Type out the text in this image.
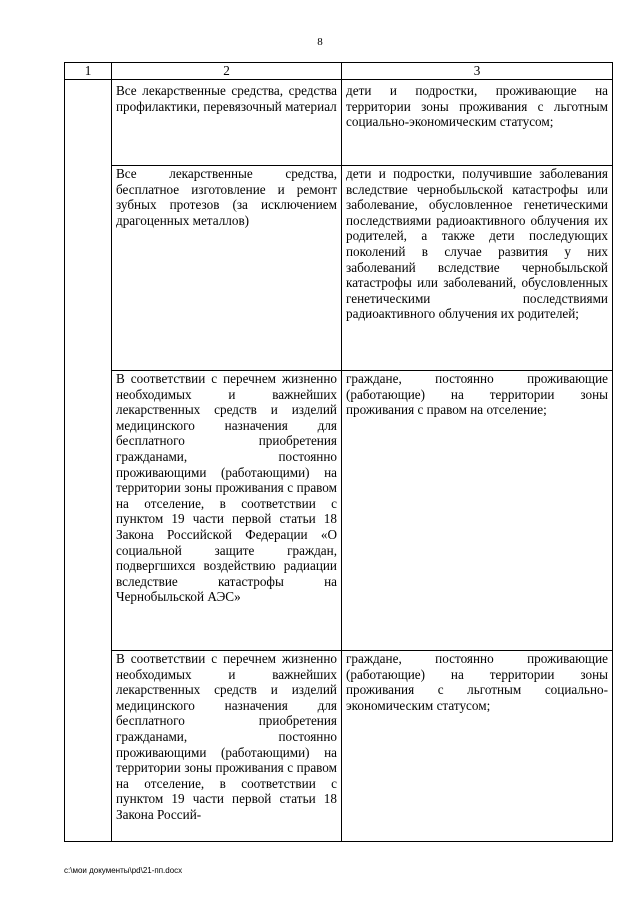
8
1	2	3

	Все лекарственные средства, средства профилактики, перевязочный материал	дети и подростки, проживающие на территории зоны проживания с льготным социально-экономическим статусом;

	Все лекарственные средства, бесплатное изготовление и ремонт зубных протезов (за исключением драгоценных металлов)	дети и подростки, получившие заболевания вследствие чернобыльской катастрофы или заболевание, обусловленное генетическими последствиями радиоактивного облучения их родителей, а также дети последующих поколений в случае развития у них заболеваний вследствие чернобыльской катастрофы или заболеваний, обусловленных генетическими последствиями радиоактивного облучения их родителей;

	В соответствии с перечнем жизненно необходимых и важнейших лекарственных средств и изделий медицинского назначения для бесплатного приобретения гражданами, постоянно проживающими (работающими) на территории зоны проживания с правом на отселение, в соответствии с пунктом 19 части первой статьи 18 Закона Российской Федерации «О социальной защите граждан, подвергшихся воздействию радиации вследствие катастрофы на Чернобыльской АЭС»	граждане, постоянно проживающие (работающие) на территории зоны проживания с правом на отселение;

	В соответствии с перечнем жизненно необходимых и важнейших лекарственных средств и изделий медицинского назначения для бесплатного приобретения гражданами, постоянно проживающими (работающими) на территории зоны проживания с правом на отселение, в соответствии с пунктом 19 части первой статьи 18 Закона Россий-	граждане, постоянно проживающие (работающие) на территории зоны проживания с льготным социально-экономическим статусом;

c:\мои документы\pd\21-пп.docx
